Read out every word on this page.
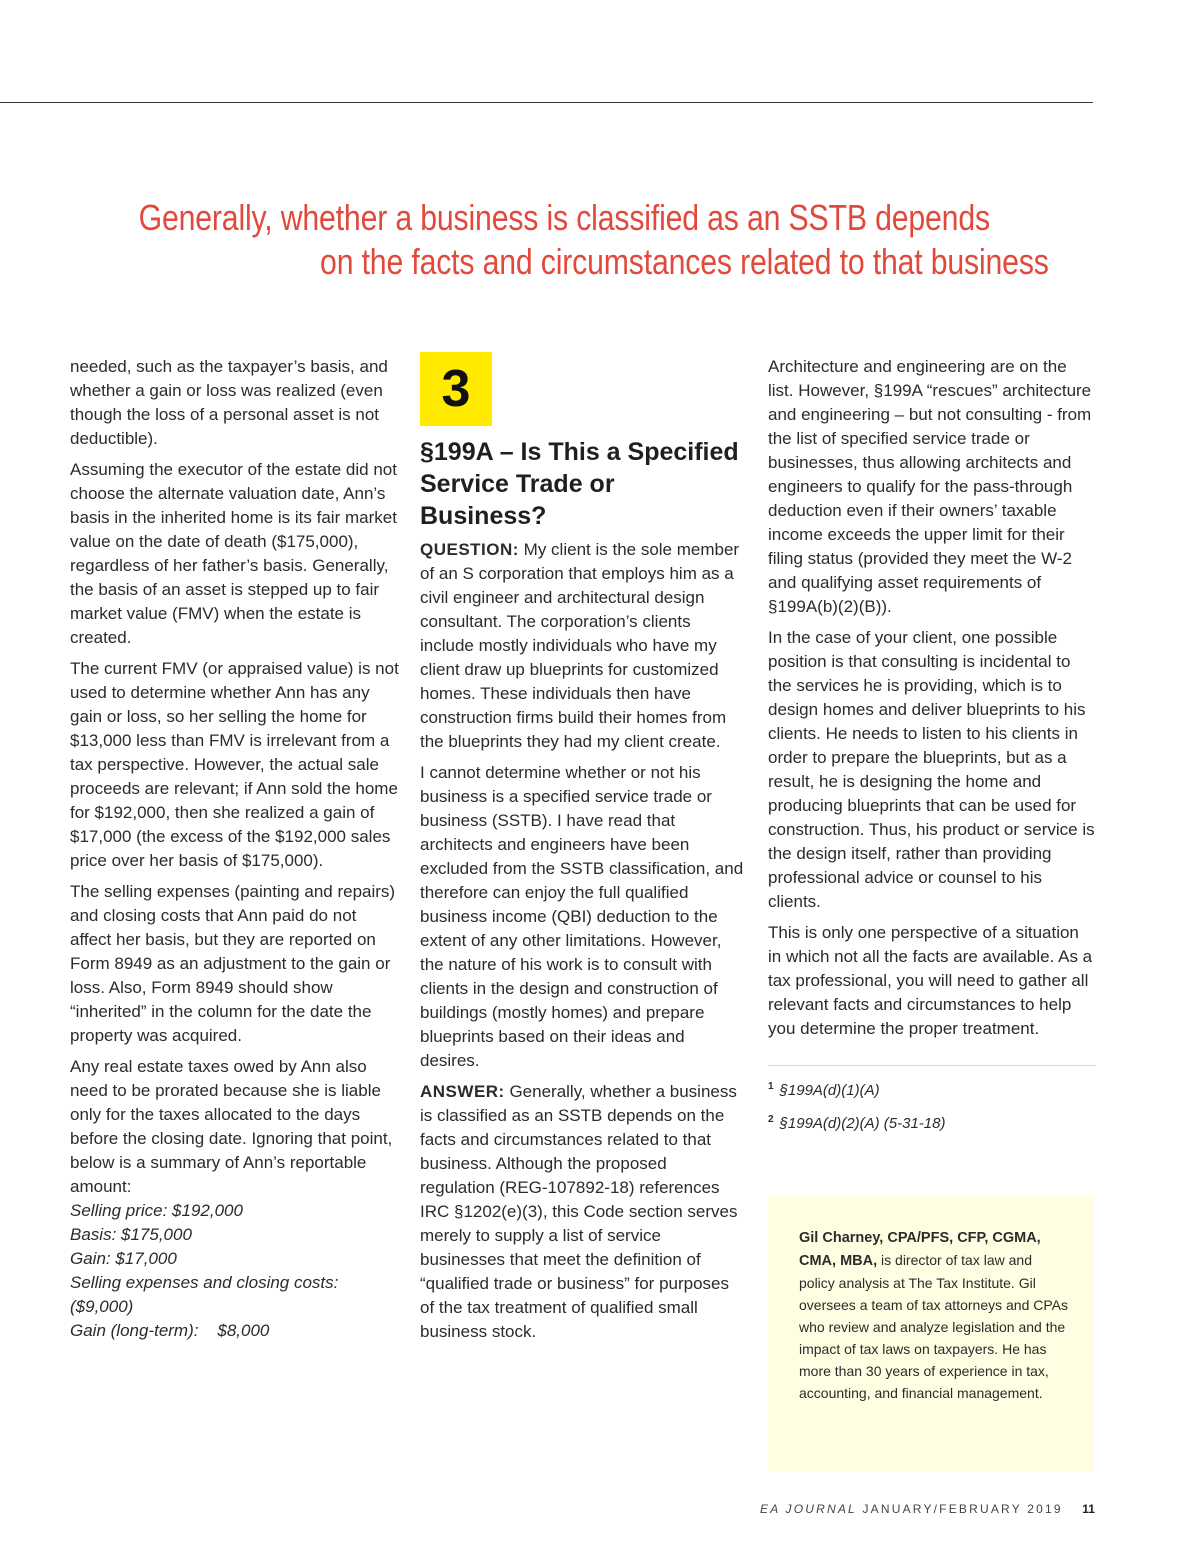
Generally, whether a business is classified as an SSTB depends
on the facts and circumstances related to that business

needed, such as the taxpayer’s basis, and whether a gain or loss was realized (even though the loss of a personal asset is not deductible).

Assuming the executor of the estate did not choose the alternate valuation date, Ann’s basis in the inherited home is its fair market value on the date of death ($175,000), regardless of her father’s basis. Generally, the basis of an asset is stepped up to fair market value (FMV) when the estate is created.

The current FMV (or appraised value) is not used to determine whether Ann has any gain or loss, so her selling the home for $13,000 less than FMV is irrelevant from a tax perspective. However, the actual sale proceeds are relevant; if Ann sold the home for $192,000, then she realized a gain of $17,000 (the excess of the $192,000 sales price over her basis of $175,000).

The selling expenses (painting and repairs) and closing costs that Ann paid do not affect her basis, but they are reported on Form 8949 as an adjustment to the gain or loss. Also, Form 8949 should show “inherited” in the column for the date the property was acquired.

Any real estate taxes owed by Ann also need to be prorated because she is liable only for the taxes allocated to the days before the closing date. Ignoring that point, below is a summary of Ann’s reportable amount:
Selling price: $192,000
Basis: $175,000
Gain: $17,000
Selling expenses and closing costs: ($9,000)
Gain (long-term):    $8,000

3
§199A – Is This a Specified Service Trade or Business?

QUESTION: My client is the sole member of an S corporation that employs him as a civil engineer and architectural design consultant. The corporation’s clients include mostly individuals who have my client draw up blueprints for customized homes. These individuals then have construction firms build their homes from the blueprints they had my client create.

I cannot determine whether or not his business is a specified service trade or business (SSTB). I have read that architects and engineers have been excluded from the SSTB classification, and therefore can enjoy the full qualified business income (QBI) deduction to the extent of any other limitations. However, the nature of his work is to consult with clients in the design and construction of buildings (mostly homes) and prepare blueprints based on their ideas and desires.

ANSWER: Generally, whether a business is classified as an SSTB depends on the facts and circumstances related to that business. Although the proposed regulation (REG-107892-18) references IRC §1202(e)(3), this Code section serves merely to supply a list of service businesses that meet the definition of “qualified trade or business” for purposes of the tax treatment of qualified small business stock.

Architecture and engineering are on the list. However, §199A “rescues” architecture and engineering – but not consulting - from the list of specified service trade or businesses, thus allowing architects and engineers to qualify for the pass-through deduction even if their owners’ taxable income exceeds the upper limit for their filing status (provided they meet the W-2 and qualifying asset requirements of §199A(b)(2)(B)).

In the case of your client, one possible position is that consulting is incidental to the services he is providing, which is to design homes and deliver blueprints to his clients. He needs to listen to his clients in order to prepare the blueprints, but as a result, he is designing the home and producing blueprints that can be used for construction. Thus, his product or service is the design itself, rather than providing professional advice or counsel to his clients.

This is only one perspective of a situation in which not all the facts are available. As a tax professional, you will need to gather all relevant facts and circumstances to help you determine the proper treatment.

$^1$ §199A(d)(1)(A)

$^2$ §199A(d)(2)(A) (5-31-18)

Gil Charney, CPA/PFS, CFP, CGMA, CMA, MBA, is director of tax law and policy analysis at The Tax Institute. Gil oversees a team of tax attorneys and CPAs who review and analyze legislation and the impact of tax laws on taxpayers. He has more than 30 years of experience in tax, accounting, and financial management.
EA JOURNAL JANUARY/FEBRUARY 2019 11
